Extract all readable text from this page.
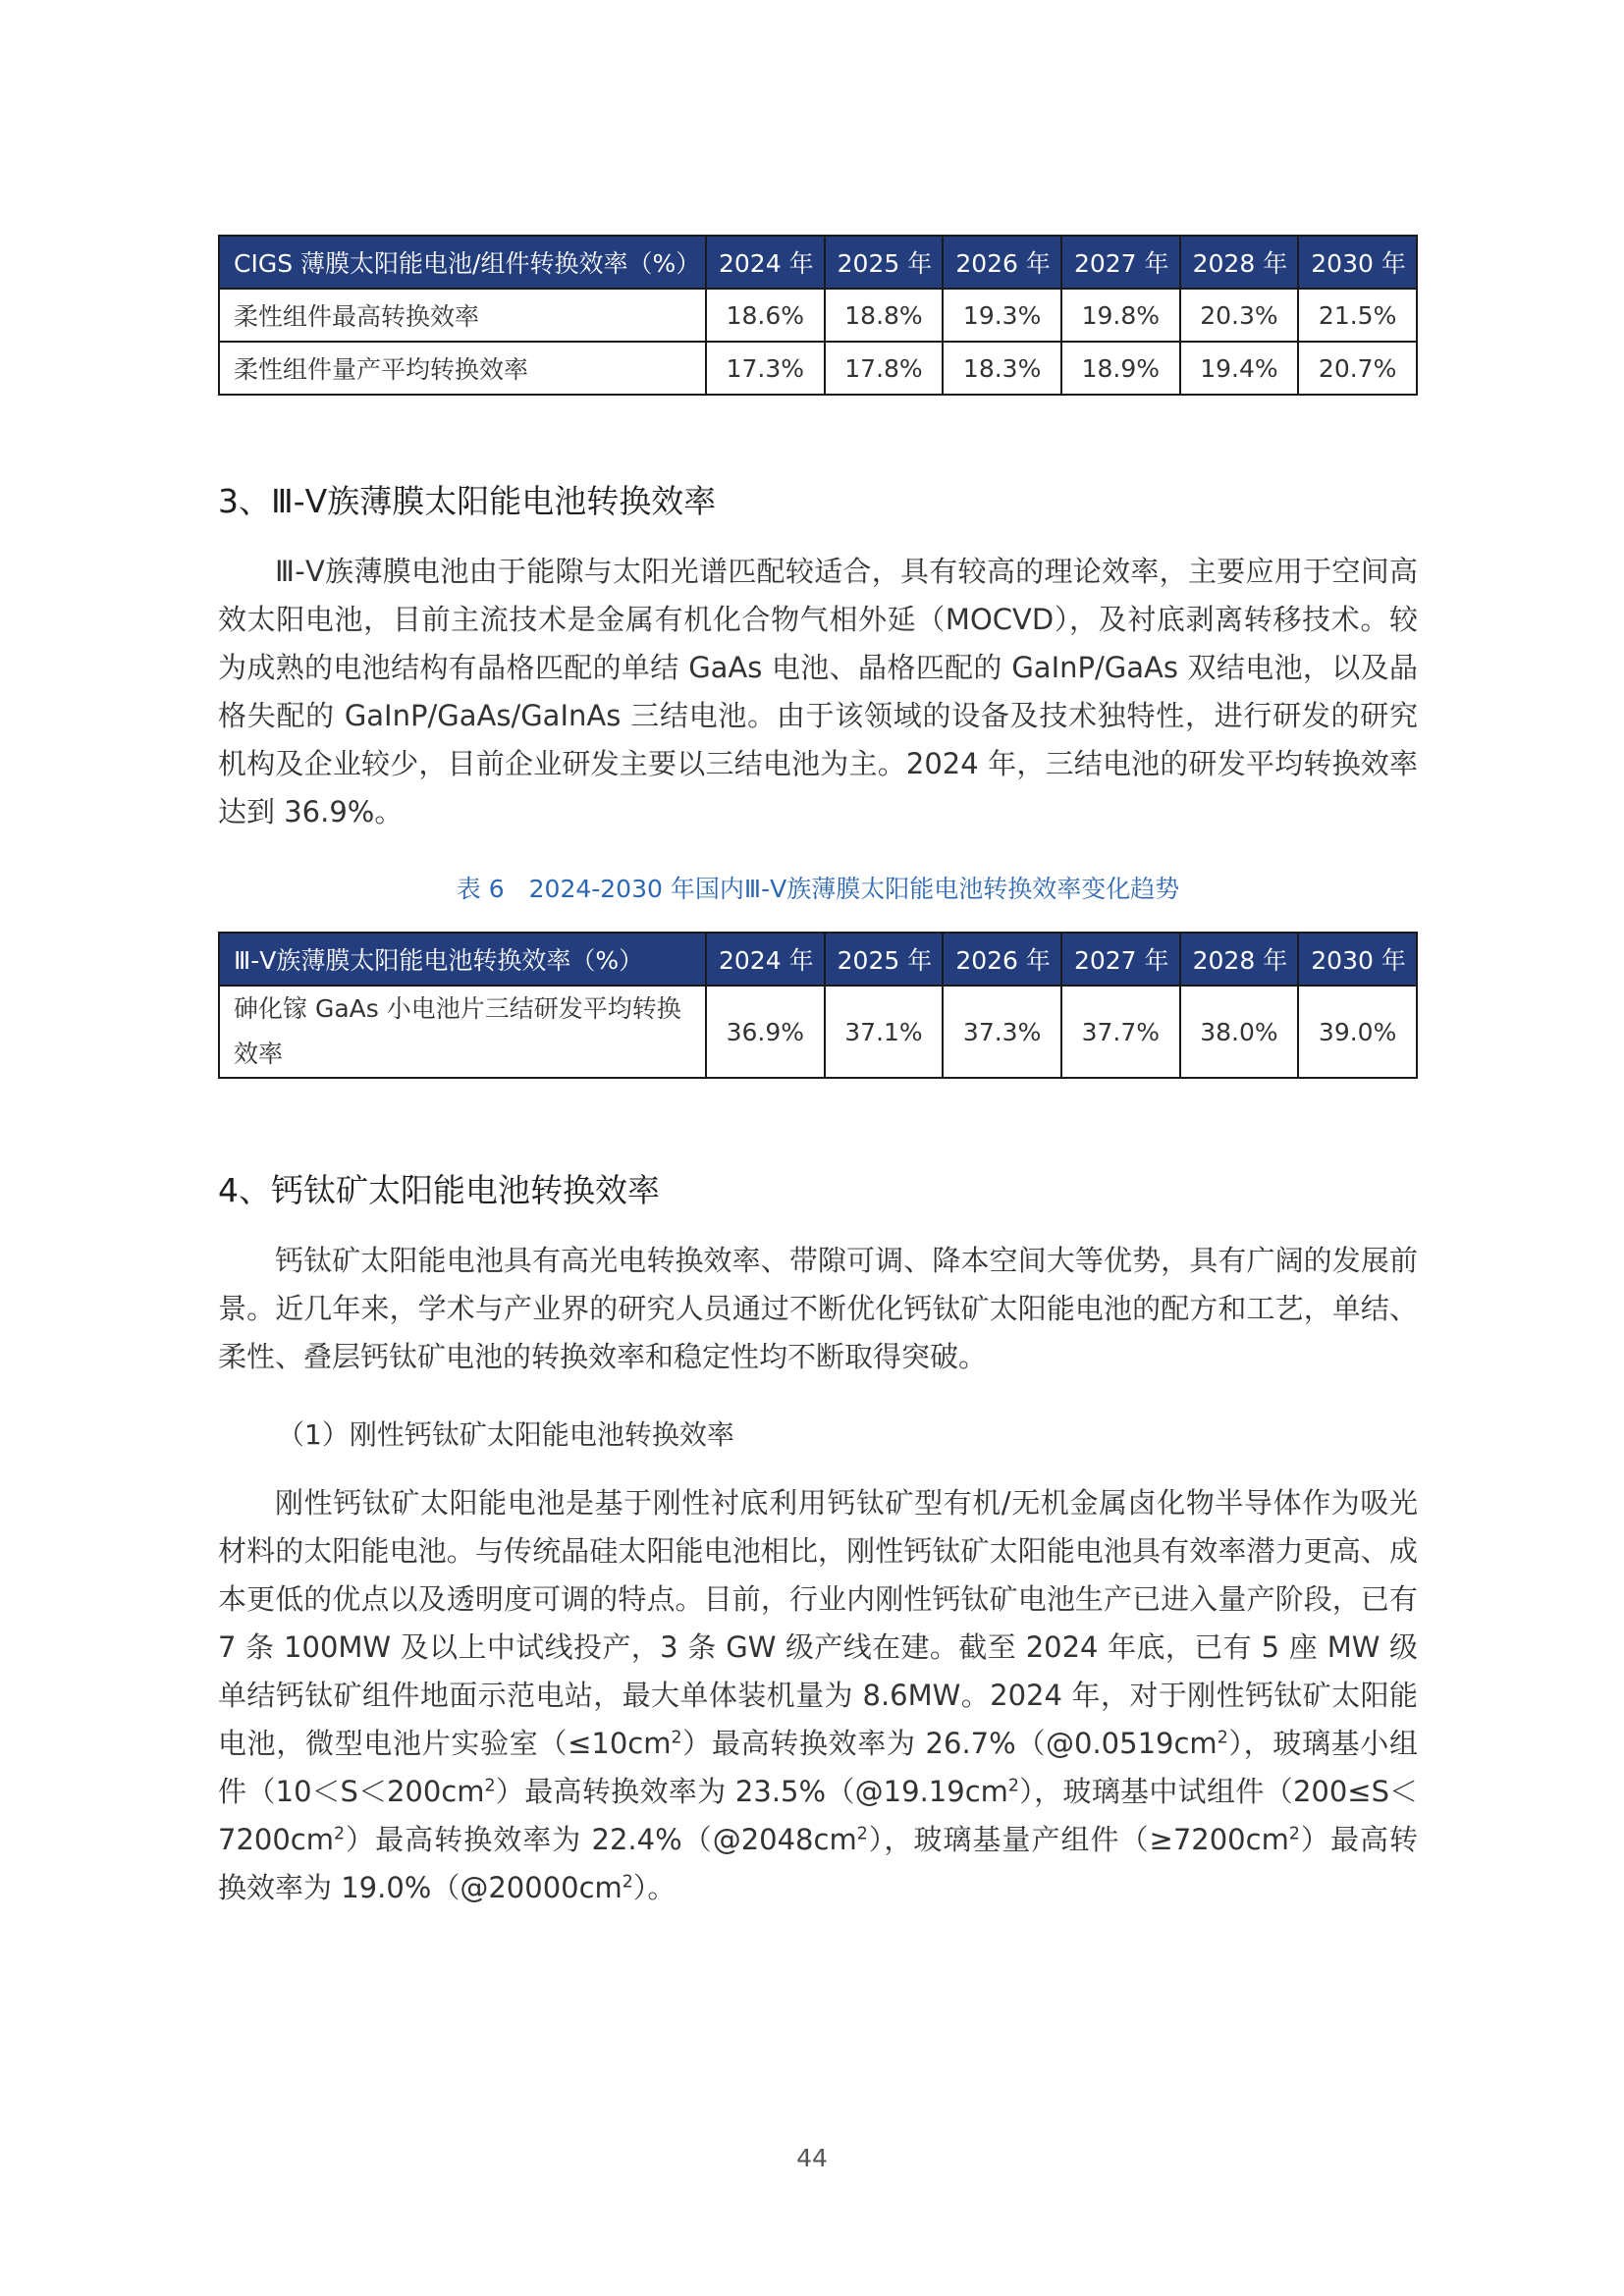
CIGS 薄膜太阳能电池/组件转换效率（%）	2024 年	2025 年	2026 年	2027 年	2028 年	2030 年
柔性组件最高转换效率	18.6%	18.8%	19.3%	19.8%	20.3%	21.5%
柔性组件量产平均转换效率	17.3%	17.8%	18.3%	18.9%	19.4%	20.7%
3、Ⅲ-Ⅴ族薄膜太阳能电池转换效率

Ⅲ-Ⅴ族薄膜电池由于能隙与太阳光谱匹配较适合，具有较高的理论效率，主要应用于空间高效太阳电池，目前主流技术是金属有机化合物气相外延（MOCVD），及衬底剥离转移技术。较为成熟的电池结构有晶格匹配的单结 GaAs 电池、晶格匹配的 GaInP/GaAs 双结电池，以及晶格失配的 GaInP/GaAs/GaInAs 三结电池。由于该领域的设备及技术独特性，进行研发的研究机构及企业较少，目前企业研发主要以三结电池为主。2024 年，三结电池的研发平均转换效率达到 36.9%。

表 6　2024-2030 年国内Ⅲ-Ⅴ族薄膜太阳能电池转换效率变化趋势
Ⅲ-Ⅴ族薄膜太阳能电池转换效率（%）	2024 年	2025 年	2026 年	2027 年	2028 年	2030 年
砷化镓 GaAs 小电池片三结研发平均转换效率	36.9%	37.1%	37.3%	37.7%	38.0%	39.0%
4、钙钛矿太阳能电池转换效率

钙钛矿太阳能电池具有高光电转换效率、带隙可调、降本空间大等优势，具有广阔的发展前景。近几年来，学术与产业界的研究人员通过不断优化钙钛矿太阳能电池的配方和工艺，单结、柔性、叠层钙钛矿电池的转换效率和稳定性均不断取得突破。

（1）刚性钙钛矿太阳能电池转换效率

刚性钙钛矿太阳能电池是基于刚性衬底利用钙钛矿型有机/无机金属卤化物半导体作为吸光材料的太阳能电池。与传统晶硅太阳能电池相比，刚性钙钛矿太阳能电池具有效率潜力更高、成本更低的优点以及透明度可调的特点。目前，行业内刚性钙钛矿电池生产已进入量产阶段，已有 7 条 100MW 及以上中试线投产，3 条 GW 级产线在建。截至 2024 年底，已有 5 座 MW 级单结钙钛矿组件地面示范电站，最大单体装机量为 8.6MW。2024 年，对于刚性钙钛矿太阳能电池，微型电池片实验室$(\le 10cm^2)$最高转换效率为 $26.7\%(@0.0519cm^2)$，玻璃基小组件$(10<S<200cm^2)$最高转换效率为 $23.5\%(@19.19cm^2)$，玻璃基中试组件$(200\le S<7200cm^2)$最高转换效率为 $22.4\%(@2048cm^2)$，玻璃基量产组件$(\ge 7200cm^2)$最高转换效率为 $19.0\%(@20000cm^2)$。

44
